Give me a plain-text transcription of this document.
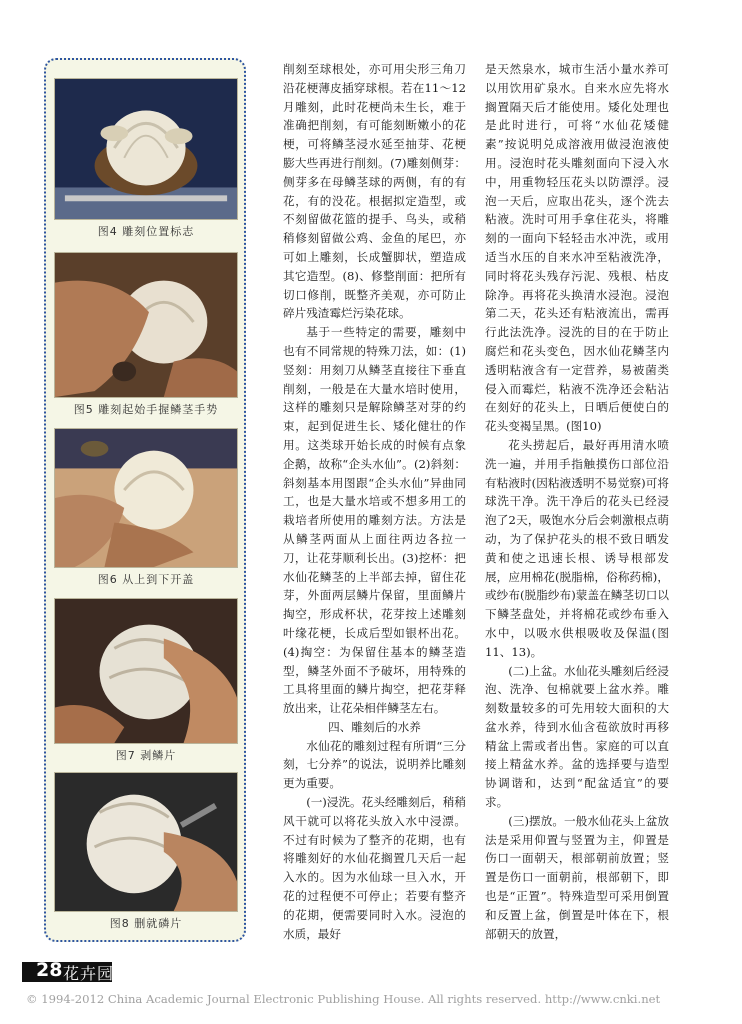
图4 雕刻位置标志
图5 雕刻起始手握鳞茎手势
图6 从上到下开盖
图7 剥鳞片
图8 删就磷片

削刻至球根处，亦可用尖形三角刀沿花梗薄皮插穿球根。若在11～12月雕刻，此时花梗尚未生长，难于准确把削刻，有可能刻断嫩小的花梗，可将鳞茎浸水延至抽芽、花梗膨大些再进行削刻。(7)雕刻侧芽：侧芽多在母鳞茎球的两侧，有的有花，有的没花。根据拟定造型，或不刻留做花篮的提手、鸟头，或稍稍修刻留做公鸡、金鱼的尾巴，亦可如上雕刻，长成蟹脚状，塑造成其它造型。(8)、修整削面：把所有切口修削，既整齐美观，亦可防止碎片残渣霉烂污染花球。

基于一些特定的需要，雕刻中也有不同常规的特殊刀法，如：(1)竖刻：用刻刀从鳞茎直接往下垂直削刻，一般是在大量水培时使用，这样的雕刻只是解除鳞茎对芽的约束，起到促进生长、矮化健壮的作用。这类球开始长成的时候有点象企鹅，故称“企头水仙”。(2)斜刻：斜刻基本用图跟“企头水仙”异曲同工，也是大量水培或不想多用工的栽培者所使用的雕刻方法。方法是从鳞茎两面从上面往两边各拉一刀，让花芽顺利长出。(3)挖杯：把水仙花鳞茎的上半部去掉，留住花芽，外面两层鳞片保留，里面鳞片掏空，形成杯状，花芽按上述雕刻叶缘花梗，长成后型如银杯出花。(4)掏空：为保留住基本的鳞茎造型，鳞茎外面不予破坏，用特殊的工具将里面的鳞片掏空，把花芽释放出来，让花朵相伴鳞茎左右。

四、雕刻后的水养

水仙花的雕刻过程有所谓“三分刻，七分养”的说法，说明养比雕刻更为重要。

(一)浸洗。花头经雕刻后，稍稍风干就可以将花头放入水中浸漂。不过有时候为了整齐的花期，也有将雕刻好的水仙花搁置几天后一起入水的。因为水仙球一旦入水，开花的过程便不可停止；若要有整齐的花期，便需要同时入水。浸泡的水质，最好

是天然泉水，城市生活小量水养可以用饮用矿泉水。自来水应先将水搁置隔天后才能使用。矮化处理也是此时进行，可将“水仙花矮健素”按说明兑成溶液用做浸泡液使用。浸泡时花头雕刻面向下浸入水中，用重物轻压花头以防漂浮。浸泡一天后，应取出花头，逐个洗去粘液。洗时可用手拿住花头，将雕刻的一面向下轻轻击水冲洗，或用适当水压的自来水冲至粘液洗净，同时将花头残存污泥、残根、枯皮除净。再将花头换清水浸泡。浸泡第二天，花头还有粘液流出，需再行此法洗净。浸洗的目的在于防止腐烂和花头变色，因水仙花鳞茎内透明粘液含有一定营养，易被菌类侵入而霉烂，粘液不洗净还会粘沾在刻好的花头上，日晒后便使白的花头变褐呈黑。(图10)

花头捞起后，最好再用清水喷洗一遍，并用手指触摸伤口部位沿有粘液时(因粘液透明不易觉察)可将球洗干净。洗干净后的花头已经浸泡了2天，吸饱水分后会刺激根点萌动，为了保护花头的根不致日晒发黄和使之迅速长根、诱导根部发展，应用棉花(脱脂棉，俗称药棉)，或纱布(脱脂纱布)蒙盖在鳞茎切口以下鳞茎盘处，并将棉花或纱布垂入水中，以吸水供根吸收及保温(图11、13)。

(二)上盆。水仙花头雕刻后经浸泡、洗净、包棉就要上盆水养。雕刻数量较多的可先用较大面积的大盆水养，待到水仙含苞欲放时再移精盆上需或者出售。家庭的可以直接上精盆水养。盆的选择要与造型协调谐和，达到“配盆适宜”的要求。

(三)摆放。一般水仙花头上盆放法是采用仰置与竖置为主，仰置是伤口一面朝天，根部朝前放置；竖置是伤口一面朝前，根部朝下，即也是“正置”。特殊造型可采用倒置和反置上盆，倒置是叶体在下，根部朝天的放置，

28 花卉园艺
© 1994-2012 China Academic Journal Electronic Publishing House. All rights reserved. http://www.cnki.net
